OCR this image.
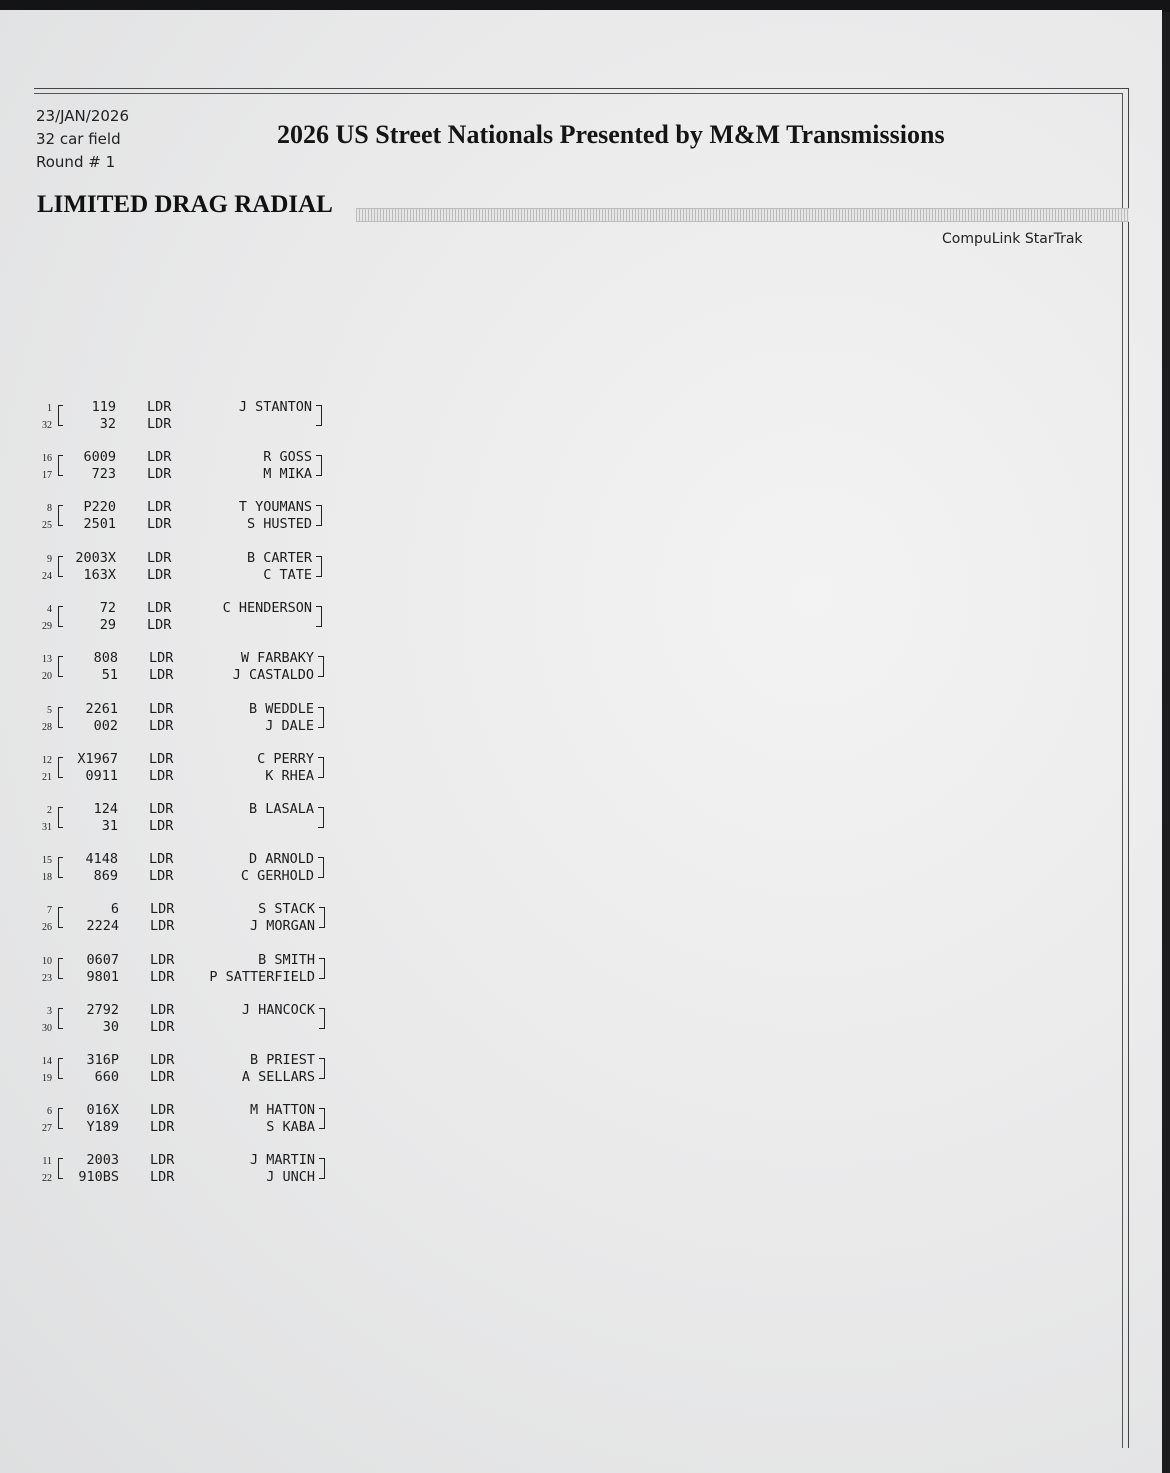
23/JAN/2026
32 car field
Round # 1
2026 US Street Nationals Presented by M&M Transmissions
LIMITED DRAG RADIAL
CompuLink StarTrak
1
32
119
32
LDR
LDR
J STANTON
16
17
6009
723
LDR
LDR
R GOSS
M MIKA
8
25
P220
2501
LDR
LDR
T YOUMANS
S HUSTED
9
24
2003X
163X
LDR
LDR
B CARTER
C TATE
4
29
72
29
LDR
LDR
C HENDERSON
13
20
808
51
LDR
LDR
W FARBAKY
J CASTALDO
5
28
2261
002
LDR
LDR
B WEDDLE
J DALE
12
21
X1967
0911
LDR
LDR
C PERRY
K RHEA
2
31
124
31
LDR
LDR
B LASALA
15
18
4148
869
LDR
LDR
D ARNOLD
C GERHOLD
7
26
6
2224
LDR
LDR
S STACK
J MORGAN
10
23
0607
9801
LDR
LDR
B SMITH
P SATTERFIELD
3
30
2792
30
LDR
LDR
J HANCOCK
14
19
316P
660
LDR
LDR
B PRIEST
A SELLARS
6
27
016X
Y189
LDR
LDR
M HATTON
S KABA
11
22
2003
910BS
LDR
LDR
J MARTIN
J UNCH
